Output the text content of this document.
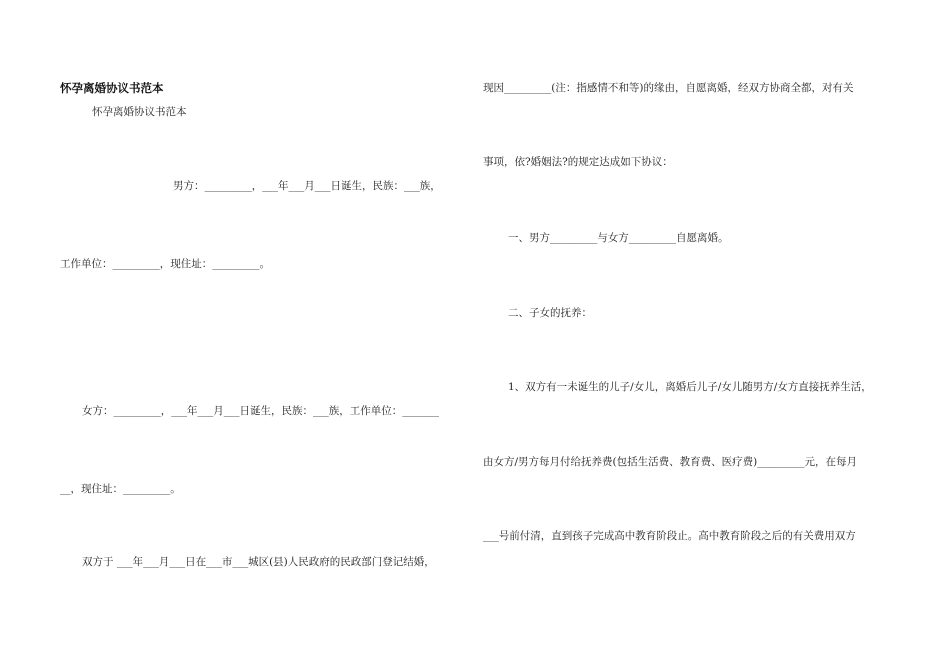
怀孕离婚协议书范本
怀孕离婚协议书范本
男方：_________，___年___月___日诞生，民族：___族，
工作单位：_________，现住址：_________。
女方：_________，___年___月___日诞生，民族：___族，工作单位：_______
__，现住址：_________。
双方于 ___年___月___日在___市___城区(县)人民政府的民政部门登记结婚，
现因_________(注：指感情不和等)的缘由，自愿离婚，经双方协商全都，对有关
事项，依?婚姻法?的规定达成如下协议：
一、男方_________与女方_________自愿离婚。
二、子女的抚养：
1、双方有一未诞生的儿子/女儿，离婚后儿子/女儿随男方/女方直接抚养生活，
由女方/男方每月付给抚养费(包括生活费、教育费、医疗费)_________元，在每月
___号前付清，直到孩子完成高中教育阶段止。高中教育阶段之后的有关费用双方
